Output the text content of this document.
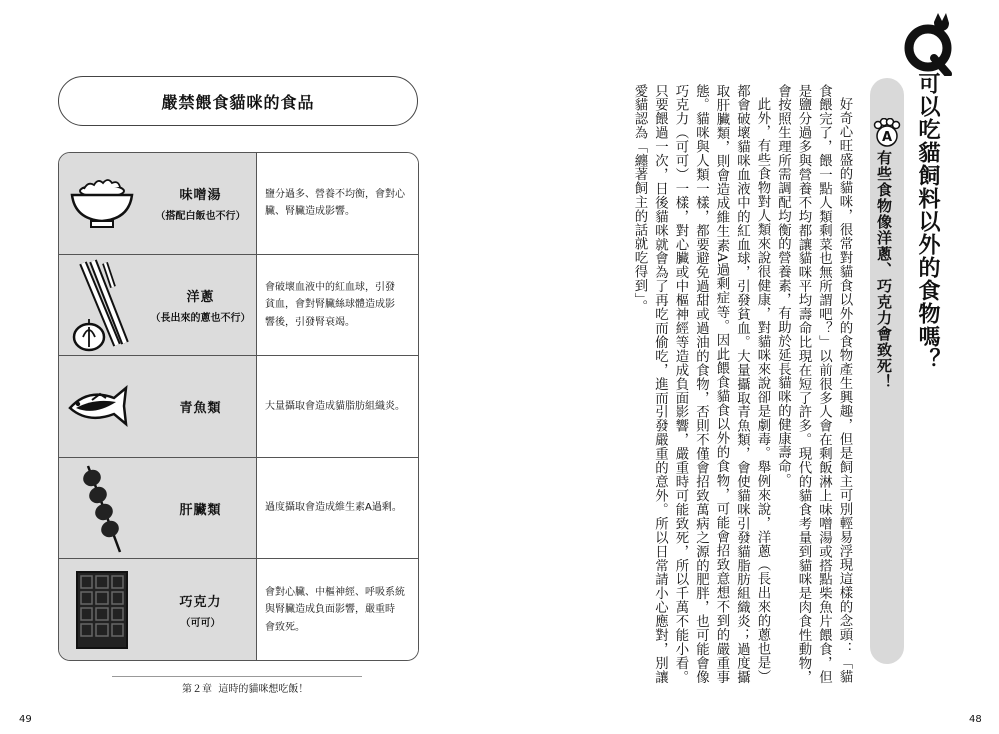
嚴禁餵食貓咪的食品
味噌湯
（搭配白飯也不行）
鹽分過多、營養不均衡，會對心
臟、腎臟造成影響。
洋蔥
（長出來的蔥也不行）
會破壞血液中的紅血球，引發
貧血，會對腎臟絲球體造成影
響後，引發腎衰竭。
青魚類	大量攝取會造成貓脂肪組織炎。
肝臟類	過度攝取會造成維生素A過剩。
巧克力
（可可）
會對心臟、中樞神經、呼吸系統
與腎臟造成負面影響，嚴重時
會致死。
第２章 這時的貓咪想吃飯！
49
可以吃貓飼料以外的食物嗎？
A
有些食物像洋蔥、巧克力會致死！

好奇心旺盛的貓咪，很常對貓食以外的食物產生興趣，但是飼主可別輕易浮現這樣的念頭：「貓食餵完了，餵一點人類剩菜也無所謂吧？」以前很多人會在剩飯淋上味噌湯或搭點柴魚片餵食，但是鹽分過多與營養不均都讓貓咪平均壽命比現在短了許多。現代的貓食考量到貓咪是肉食性動物，會按照生理所需調配均衡的營養素，有助於延長貓咪的健康壽命。

此外，有些食物對人類來說很健康，對貓咪來說卻是劇毒。舉例來說，洋蔥（長出來的蔥也是）都會破壞貓咪血液中的紅血球，引發貧血。大量攝取青魚類，會使貓咪引發貓脂肪組織炎；過度攝取肝臟類，則會造成維生素A過剩症等。因此餵食貓食以外的食物，可能會招致意想不到的嚴重事態。貓咪與人類一樣，都要避免過甜或過油的食物，否則不僅會招致萬病之源的肥胖，也可能會像巧克力（可可）一樣，對心臟或中樞神經等造成負面影響，嚴重時可能致死，所以千萬不能小看。只要餵過一次，日後貓咪就會為了再吃而偷吃，進而引發嚴重的意外。所以日常請小心應對，別讓愛貓認為「纏著飼主的話就吃得到」。

48
